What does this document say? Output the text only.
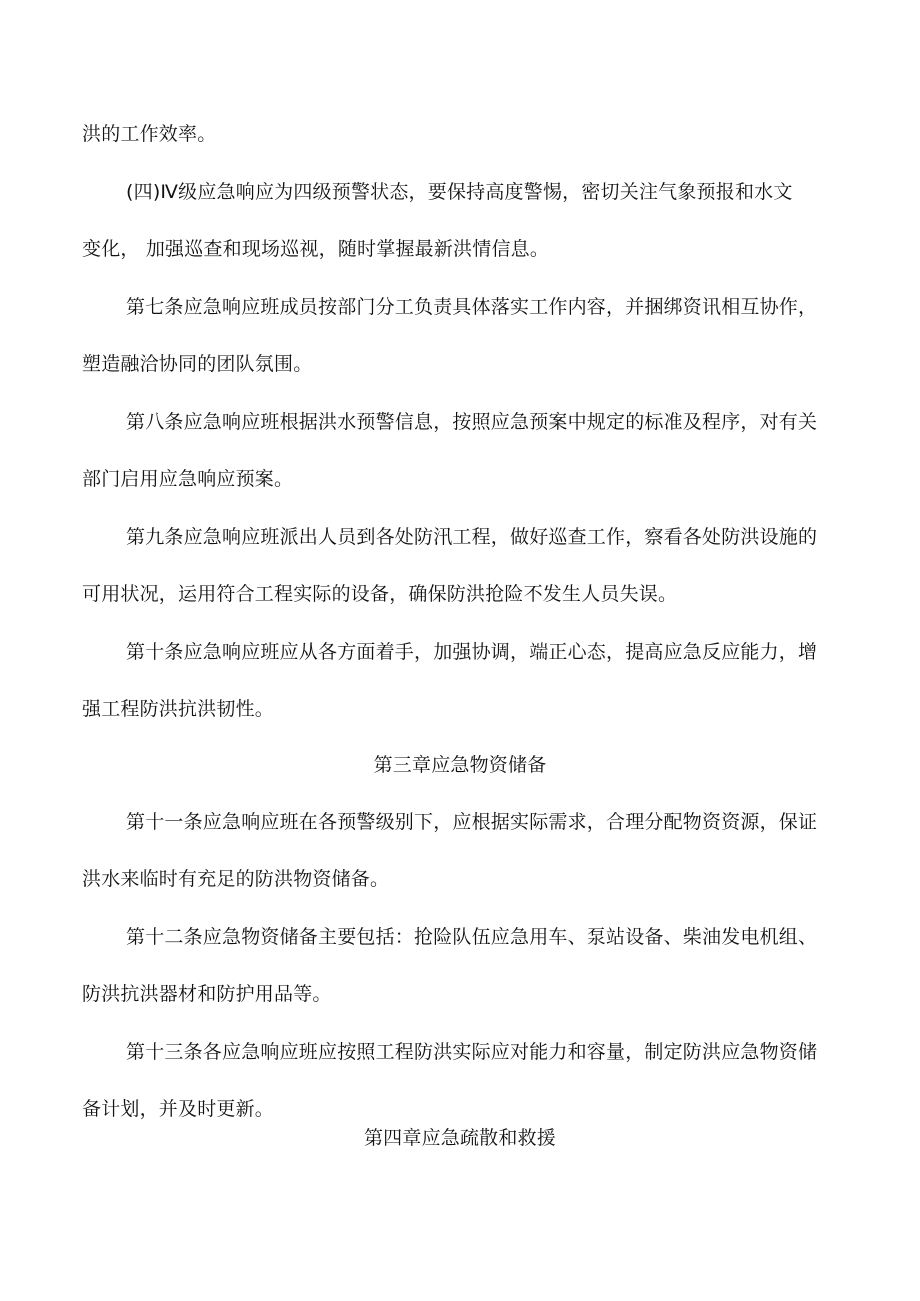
洪的工作效率。
(四)Ⅳ级应急响应为四级预警状态，要保持高度警惕，密切关注气象预报和水文
变化， 加强巡查和现场巡视，随时掌握最新洪情信息。
第七条应急响应班成员按部门分工负责具体落实工作内容，并捆绑资讯相互协作，
塑造融洽协同的团队氛围。
第八条应急响应班根据洪水预警信息，按照应急预案中规定的标准及程序，对有关
部门启用应急响应预案。
第九条应急响应班派出人员到各处防汛工程，做好巡查工作，察看各处防洪设施的
可用状况，运用符合工程实际的设备，确保防洪抢险不发生人员失误。
第十条应急响应班应从各方面着手，加强协调，端正心态，提高应急反应能力，增
强工程防洪抗洪韧性。
第三章应急物资储备
第十一条应急响应班在各预警级别下，应根据实际需求，合理分配物资资源，保证
洪水来临时有充足的防洪物资储备。
第十二条应急物资储备主要包括：抢险队伍应急用车、泵站设备、柴油发电机组、
防洪抗洪器材和防护用品等。
第十三条各应急响应班应按照工程防洪实际应对能力和容量，制定防洪应急物资储
备计划，并及时更新。
第四章应急疏散和救援
